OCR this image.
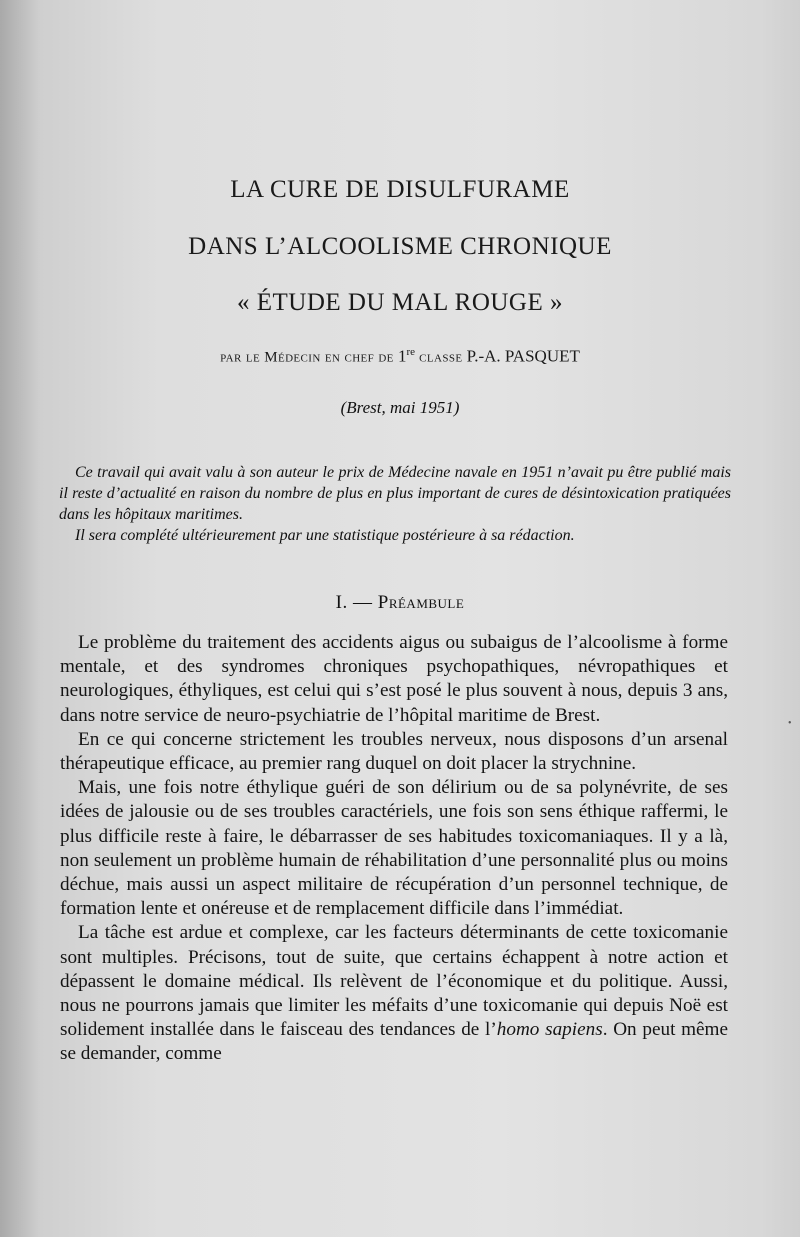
LA CURE DE DISULFURAME
DANS L’ALCOOLISME CHRONIQUE
« ÉTUDE DU MAL ROUGE »
par le Médecin en chef de 1re classe P.-A. PASQUET
(Brest, mai 1951)

Ce travail qui avait valu à son auteur le prix de Médecine navale en 1951 n’avait pu être publié mais il reste d’actualité en raison du nombre de plus en plus important de cures de désintoxication pratiquées dans les hôpitaux maritimes.

Il sera complété ultérieurement par une statistique postérieure à sa rédaction.

I. — Préambule

Le problème du traitement des accidents aigus ou subaigus de l’alcoolisme à forme mentale, et des syndromes chroniques psychopathiques, névropathiques et neurologiques, éthyliques, est celui qui s’est posé le plus souvent à nous, depuis 3 ans, dans notre service de neuro-psychiatrie de l’hôpital maritime de Brest.

En ce qui concerne strictement les troubles nerveux, nous disposons d’un arsenal thérapeutique efficace, au premier rang duquel on doit placer la strychnine.

Mais, une fois notre éthylique guéri de son délirium ou de sa polynévrite, de ses idées de jalousie ou de ses troubles caractériels, une fois son sens éthique raffermi, le plus difficile reste à faire, le débarrasser de ses habitudes toxicomaniaques. Il y a là, non seulement un problème humain de réhabilitation d’une personnalité plus ou moins déchue, mais aussi un aspect militaire de récupération d’un personnel technique, de formation lente et onéreuse et de remplacement difficile dans l’immédiat.

La tâche est ardue et complexe, car les facteurs déterminants de cette toxicomanie sont multiples. Précisons, tout de suite, que certains échappent à notre action et dépassent le domaine médical. Ils relèvent de l’économique et du politique. Aussi, nous ne pourrons jamais que limiter les méfaits d’une toxicomanie qui depuis Noë est solidement installée dans le faisceau des tendances de l’homo sapiens. On peut même se demander, comme

•
